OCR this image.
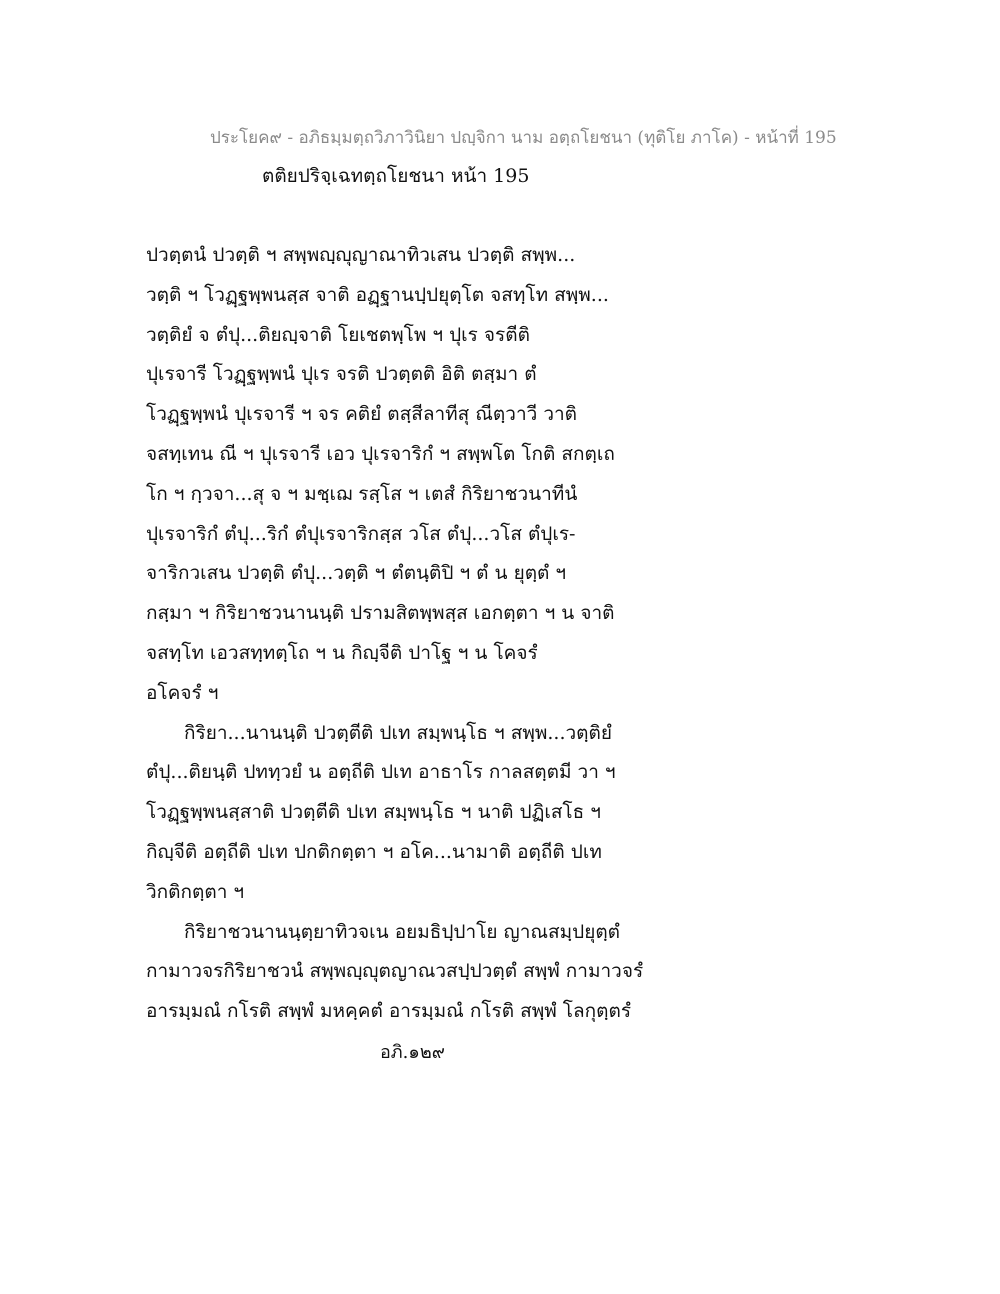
ประโยค๙ - อภิธมฺมตฺถวิภาวินิยา ปญฺจิกา นาม อตฺถโยชนา (ทุติโย ภาโค) - หน้าที่ 195
ตติยปริจฺเฉทตฺถโยชนา หน้า 195
ปวตฺตนํ ปวตฺติ ฯ สพฺพญฺญุญาณาทิวเสน ปวตฺติ สพฺพ...
วตฺติ ฯ โวฏฺฐพฺพนสฺส จาติ อฏฺฐานปฺปยุตฺโต จสทฺโท สพฺพ...
วตฺติยํ จ ตํปุ...ติยญฺจาติ โยเชตพฺโพ ฯ ปุเร จรตีติ
ปุเรจารี โวฏฺฐพฺพนํ ปุเร จรติ ปวตฺตติ อิติ ตสฺมา ตํ
โวฏฺฐพฺพนํ ปุเรจารี ฯ จร คติยํ ตสฺสีลาทีสุ ณีตฺวาวี วาติ
จสทฺเทน ณี ฯ ปุเรจารี เอว ปุเรจาริกํ ฯ สพฺพโต โกติ สกตฺเถ
โก ฯ กฺวจา...สุ จ ฯ มชฺเฌ รสฺโส ฯ เตสํ กิริยาชวนาทีนํ
ปุเรจาริกํ ตํปุ...ริกํ ตํปุเรจาริกสฺส วโส ตํปุ...วโส ตํปุเร-
จาริกวเสน ปวตฺติ ตํปุ...วตฺติ ฯ ตํตนฺติปิ ฯ ตํ น ยุตฺตํ ฯ
กสฺมา ฯ กิริยาชวนานนฺติ ปรามสิตพฺพสฺส เอกตฺตา ฯ น จาติ
จสทฺโท เอวสทฺทตฺโถ ฯ น กิญฺจีติ ปาโฐ ฯ น โคจรํ
อโคจรํ ฯ
กิริยา...นานนฺติ ปวตฺตีติ ปเท สมฺพนฺโธ ฯ สพฺพ...วตฺติยํ
ตํปุ...ติยนฺติ ปททฺวยํ น อตฺถีติ ปเท อาธาโร กาลสตฺตมี วา ฯ
โวฏฺฐพฺพนสฺสาติ ปวตฺตีติ ปเท สมฺพนฺโธ ฯ นาติ ปฏิเสโธ ฯ
กิญฺจีติ อตฺถีติ ปเท ปกติกตฺตา ฯ อโค...นามาติ อตฺถีติ ปเท
วิกติกตฺตา ฯ
กิริยาชวนานนฺตฺยาทิวจเน อยมธิปฺปาโย ญาณสมฺปยุตฺตํ
กามาวจรกิริยาชวนํ สพฺพญฺญุตญาณวสปฺปวตฺตํ สพฺพํ กามาวจรํ
อารมฺมณํ กโรติ สพฺพํ มหคฺคตํ อารมฺมณํ กโรติ สพฺพํ โลกุตฺตรํ
อภิ.๑๒๙
